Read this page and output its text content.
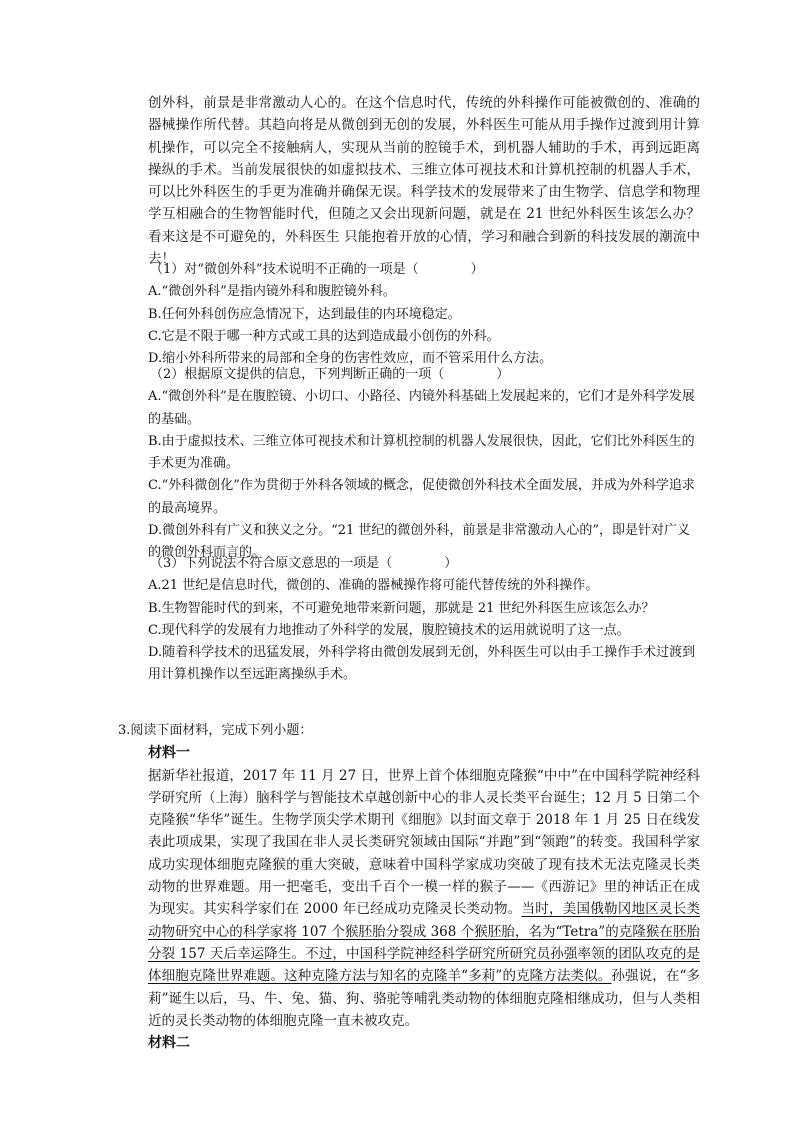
创外科，前景是非常激动人心的。在这个信息时代，传统的外科操作可能被微创的、准确的器械操作所代替。其趋向将是从微创到无创的发展，外科医生可能从用手操作过渡到用计算机操作，可以完全不接触病人，实现从当前的腔镜手术，到机器人辅助的手术，再到远距离操纵的手术。当前发展很快的如虚拟技术、三维立体可视技术和计算机控制的机器人手术，可以比外科医生的手更为准确并确保无误。科学技术的发展带来了由生物学、信息学和物理学互相融合的生物智能时代，但随之又会出现新问题，就是在 21 世纪外科医生该怎么办？看来这是不可避免的，外科医生 只能抱着开放的心情，学习和融合到新的科技发展的潮流中去！

（1）对“微创外科”技术说明不正确的一项是（　　　　）

A.“微创外科”是指内镜外科和腹腔镜外科。

B.任何外科创伤应急情况下，达到最佳的内环境稳定。

C.它是不限于哪一种方式或工具的达到造成最小创伤的外科。

D.缩小外科所带来的局部和全身的伤害性效应，而不管采用什么方法。

（2）根据原文提供的信息，下列判断正确的一项（　　　　）

A.“微创外科”是在腹腔镜、小切口、小路径、内镜外科基础上发展起来的，它们才是外科学发展的基础。

B.由于虚拟技术、三维立体可视技术和计算机控制的机器人发展很快，因此，它们比外科医生的手术更为准确。

C.“外科微创化”作为贯彻于外科各领域的概念，促使微创外科技术全面发展，并成为外科学追求的最高境界。

D.微创外科有广义和狭义之分。“21 世纪的微创外科，前景是非常激动人心的”，即是针对广义的微创外科而言的。

（3）下列说法不符合原文意思的一项是（　　　　）

A.21 世纪是信息时代，微创的、准确的器械操作将可能代替传统的外科操作。

B.生物智能时代的到来，不可避免地带来新问题，那就是 21 世纪外科医生应该怎么办？

C.现代科学的发展有力地推动了外科学的发展，腹腔镜技术的运用就说明了这一点。

D.随着科学技术的迅猛发展，外科学将由微创发展到无创，外科医生可以由手工操作手术过渡到用计算机操作以至远距离操纵手术。

3.阅读下面材料，完成下列小题：

材料一

据新华社报道，2017 年 11 月 27 日，世界上首个体细胞克隆猴“中中”在中国科学院神经科学研究所（上海）脑科学与智能技术卓越创新中心的非人灵长类平台诞生；12 月 5 日第二个克隆猴“华华”诞生。生物学顶尖学术期刊《细胞》以封面文章于 2018 年 1 月 25 日在线发表此项成果，实现了我国在非人灵长类研究领域由国际“并跑”到“领跑”的转变。我国科学家成功实现体细胞克隆猴的重大突破，意味着中国科学家成功突破了现有技术无法克隆灵长类动物的世界难题。用一把毫毛，变出千百个一模一样的猴子——《西游记》里的神话正在成为现实。其实科学家们在 2000 年已经成功克隆灵长类动物。当时，美国俄勒冈地区灵长类动物研究中心的科学家将 107 个猴胚胎分裂成 368 个猴胚胎，名为“Tetra”的克隆猴在胚胎分裂 157 天后幸运降生。不过，中国科学院神经科学研究所研究员孙强率领的团队攻克的是体细胞克隆世界难题。这种克隆方法与知名的克隆羊“多莉”的克隆方法类似。孙强说，在“多莉”诞生以后，马、牛、兔、猫、狗、骆驼等哺乳类动物的体细胞克隆相继成功，但与人类相近的灵长类动物的体细胞克隆一直未被攻克。

材料二
